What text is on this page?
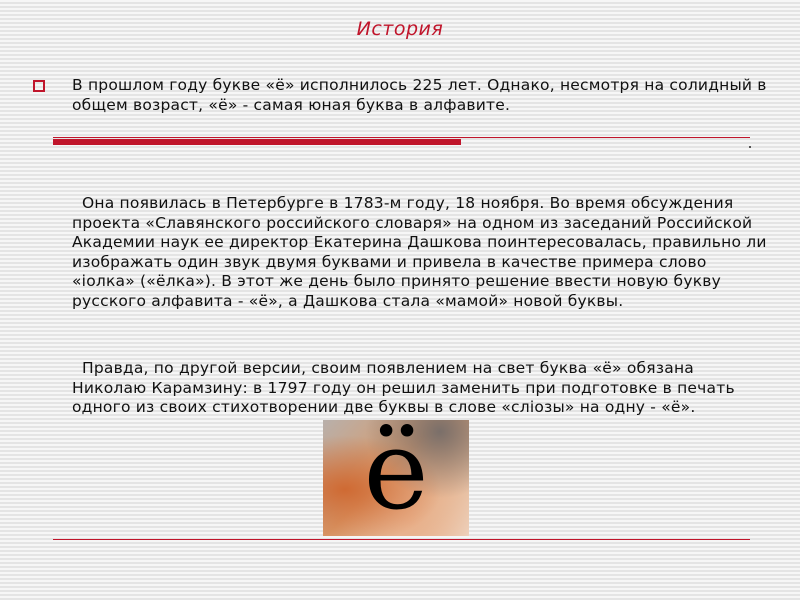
История

В прошлом году букве «ё» исполнилось 225 лет. Однако, несмотря на солидный в общем возраст, «ё» - самая юная буква в алфавите.

Она появилась в Петербурге в 1783-м году, 18 ноября. Во время обсуждения проекта «Славянского российского словаря» на одном из заседаний Российской Академии наук ее директор Екатерина Дашкова поинтересовалась, правильно ли изображать один звук двумя буквами и привела в качестве примера слово «iолка» («ёлка»). В этот же день было принято решение ввести новую букву русского алфавита - «ё», а Дашкова стала «мамой» новой буквы.

Правда, по другой версии, своим появлением на свет буква «ё» обязана Николаю Карамзину: в 1797 году он решил заменить при подготовке в печать одного из своих стихотворении две буквы в слове «слiозы» на одну - «ё».

ё
